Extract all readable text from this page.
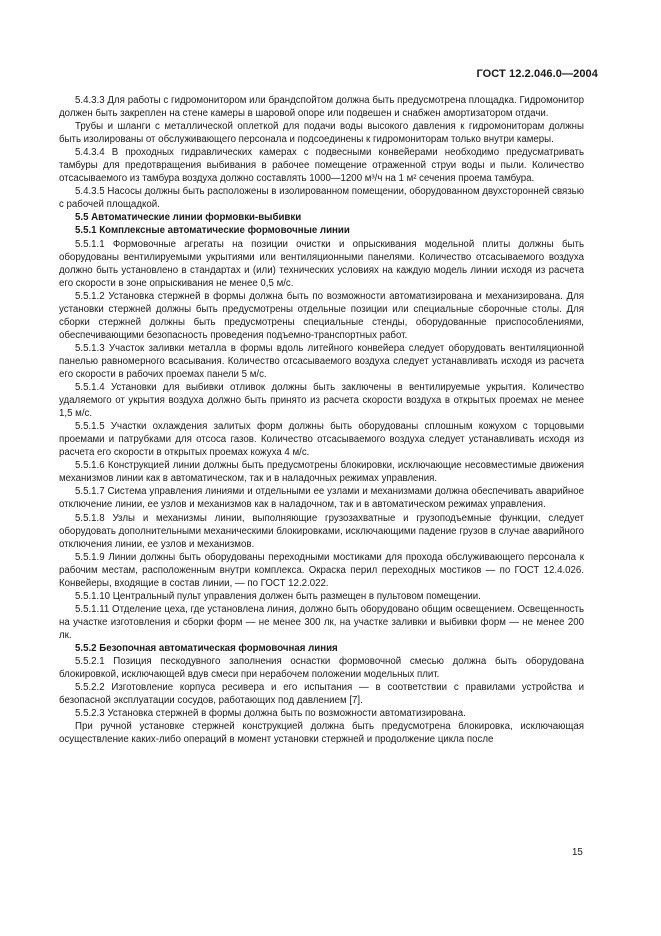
ГОСТ 12.2.046.0—2004

5.4.3.3 Для работы с гидромонитором или брандспойтом должна быть предусмотрена площадка. Гидромонитор должен быть закреплен на стене камеры в шаровой опоре или подвешен и снабжен амортизатором отдачи.

Трубы и шланги с металлической оплеткой для подачи воды высокого давления к гидромониторам должны быть изолированы от обслуживающего персонала и подсоединены к гидромониторам только внутри камеры.

5.4.3.4 В проходных гидравлических камерах с подвесными конвейерами необходимо предусматривать тамбуры для предотвращения выбивания в рабочее помещение отраженной струи воды и пыли. Количество отсасываемого из тамбура воздуха должно составлять 1000—1200 м³/ч на 1 м² сечения проема тамбура.

5.4.3.5 Насосы должны быть расположены в изолированном помещении, оборудованном двухсторонней связью с рабочей площадкой.

5.5 Автоматические линии формовки-выбивки

5.5.1 Комплексные автоматические формовочные линии

5.5.1.1 Формовочные агрегаты на позиции очистки и опрыскивания модельной плиты должны быть оборудованы вентилируемыми укрытиями или вентиляционными панелями. Количество отсасываемого воздуха должно быть установлено в стандартах и (или) технических условиях на каждую модель линии исходя из расчета его скорости в зоне опрыскивания не менее 0,5 м/с.

5.5.1.2 Установка стержней в формы должна быть по возможности автоматизирована и механизирована. Для установки стержней должны быть предусмотрены отдельные позиции или специальные сборочные столы. Для сборки стержней должны быть предусмотрены специальные стенды, оборудованные приспособлениями, обеспечивающими безопасность проведения подъемно-транспортных работ.

5.5.1.3 Участок заливки металла в формы вдоль литейного конвейера следует оборудовать вентиляционной панелью равномерного всасывания. Количество отсасываемого воздуха следует устанавливать исходя из расчета его скорости в рабочих проемах панели 5 м/с.

5.5.1.4 Установки для выбивки отливок должны быть заключены в вентилируемые укрытия. Количество удаляемого от укрытия воздуха должно быть принято из расчета скорости воздуха в открытых проемах не менее 1,5 м/с.

5.5.1.5 Участки охлаждения залитых форм должны быть оборудованы сплошным кожухом с торцовыми проемами и патрубками для отсоса газов. Количество отсасываемого воздуха следует устанавливать исходя из расчета его скорости в открытых проемах кожуха 4 м/с.

5.5.1.6 Конструкцией линии должны быть предусмотрены блокировки, исключающие несовместимые движения механизмов линии как в автоматическом, так и в наладочных режимах управления.

5.5.1.7 Система управления линиями и отдельными ее узлами и механизмами должна обеспечивать аварийное отключение линии, ее узлов и механизмов как в наладочном, так и в автоматическом режимах управления.

5.5.1.8 Узлы и механизмы линии, выполняющие грузозахватные и грузоподъемные функции, следует оборудовать дополнительными механическими блокировками, исключающими падение грузов в случае аварийного отключения линии, ее узлов и механизмов.

5.5.1.9 Линии должны быть оборудованы переходными мостиками для прохода обслуживающего персонала к рабочим местам, расположенным внутри комплекса. Окраска перил переходных мостиков — по ГОСТ 12.4.026. Конвейеры, входящие в состав линии, — по ГОСТ 12.2.022.

5.5.1.10 Центральный пульт управления должен быть размещен в пультовом помещении.

5.5.1.11 Отделение цеха, где установлена линия, должно быть оборудовано общим освещением. Освещенность на участке изготовления и сборки форм — не менее 300 лк, на участке заливки и выбивки форм — не менее 200 лк.

5.5.2 Безопочная автоматическая формовочная линия

5.5.2.1 Позиция пескодувного заполнения оснастки формовочной смесью должна быть оборудована блокировкой, исключающей вдув смеси при нерабочем положении модельных плит.

5.5.2.2 Изготовление корпуса ресивера и его испытания — в соответствии с правилами устройства и безопасной эксплуатации сосудов, работающих под давлением [7].

5.5.2.3 Установка стержней в формы должна быть по возможности автоматизирована.

При ручной установке стержней конструкцией должна быть предусмотрена блокировка, исключающая осуществление каких-либо операций в момент установки стержней и продолжение цикла после

15
